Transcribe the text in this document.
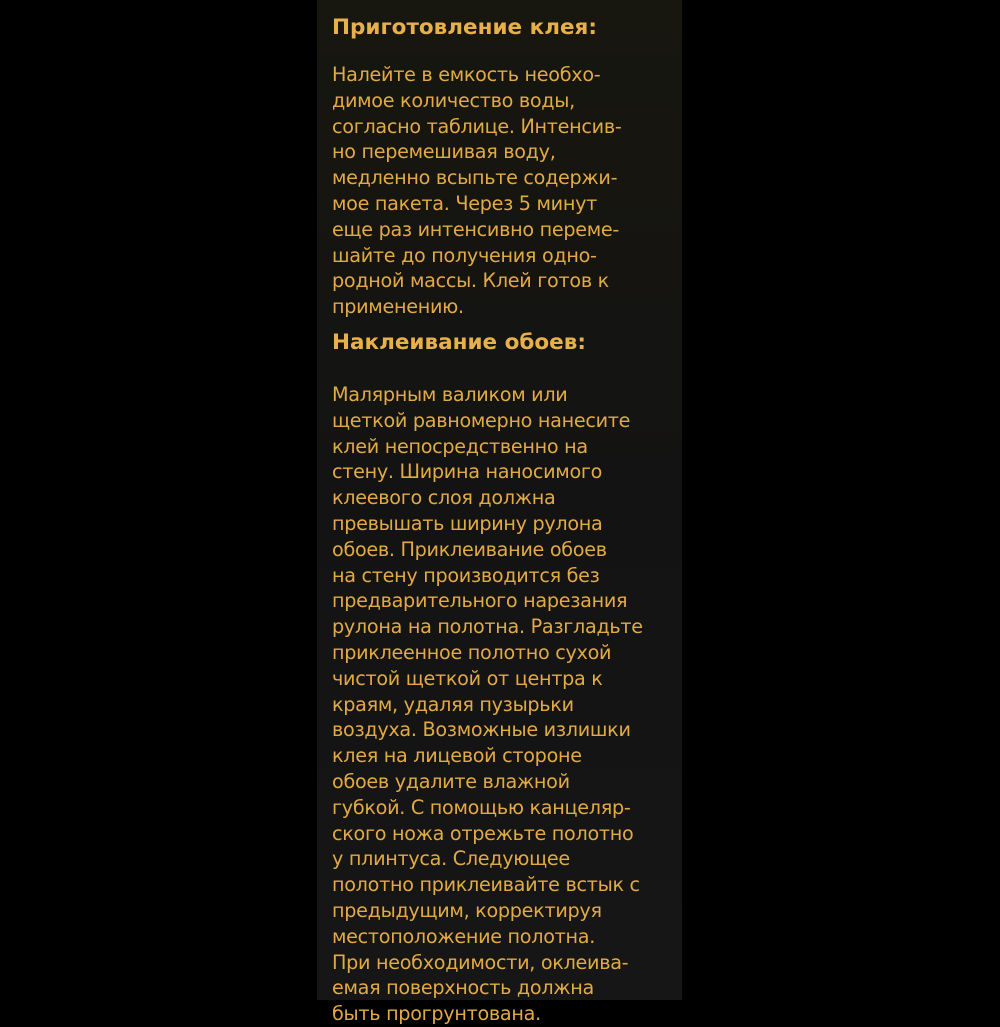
Приготовление клея:

Налейте в емкость необхо-
димое количество воды,
согласно таблице. Интенсив-
но перемешивая воду,
медленно всыпьте содержи-
мое пакета. Через 5 минут
еще раз интенсивно переме-
шайте до получения одно-
родной массы. Клей готов к
применению.

Наклеивание обоев:

Малярным валиком или
щеткой равномерно нанесите
клей непосредственно на
стену. Ширина наносимого
клеевого слоя должна
превышать ширину рулона
обоев. Приклеивание обоев
на стену производится без
предварительного нарезания
рулона на полотна. Разгладьте
приклеенное полотно сухой
чистой щеткой от центра к
краям, удаляя пузырьки
воздуха. Возможные излишки
клея на лицевой стороне
обоев удалите влажной
губкой. С помощью канцеляр-
ского ножа отрежьте полотно
у плинтуса. Следующее
полотно приклеивайте встык с
предыдущим, корректируя
местоположение полотна.
При необходимости, оклеива-
емая поверхность должна
быть прогрунтована.
